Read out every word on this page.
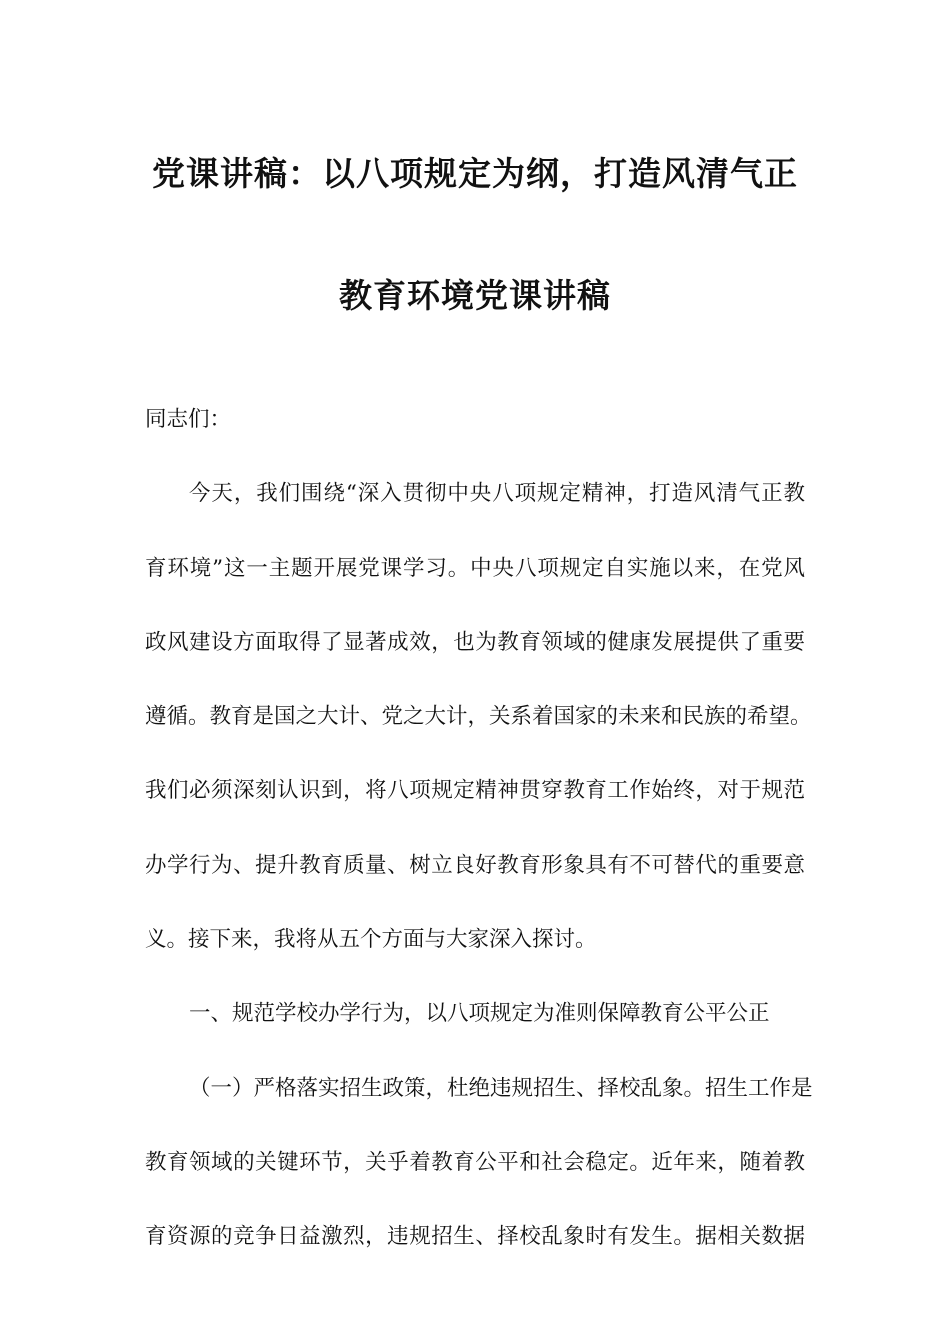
党课讲稿：以八项规定为纲，打造风清气正
教育环境党课讲稿
同志们：
今天，我们围绕“深入贯彻中央八项规定精神，打造风清气正教
育环境”这一主题开展党课学习。中央八项规定自实施以来，在党风
政风建设方面取得了显著成效，也为教育领域的健康发展提供了重要
遵循。教育是国之大计、党之大计，关系着国家的未来和民族的希望。
我们必须深刻认识到，将八项规定精神贯穿教育工作始终，对于规范
办学行为、提升教育质量、树立良好教育形象具有不可替代的重要意
义。接下来，我将从五个方面与大家深入探讨。
一、规范学校办学行为，以八项规定为准则保障教育公平公正
（一）严格落实招生政策，杜绝违规招生、择校乱象。招生工作是
教育领域的关键环节，关乎着教育公平和社会稳定。近年来，随着教
育资源的竞争日益激烈，违规招生、择校乱象时有发生。据相关数据
